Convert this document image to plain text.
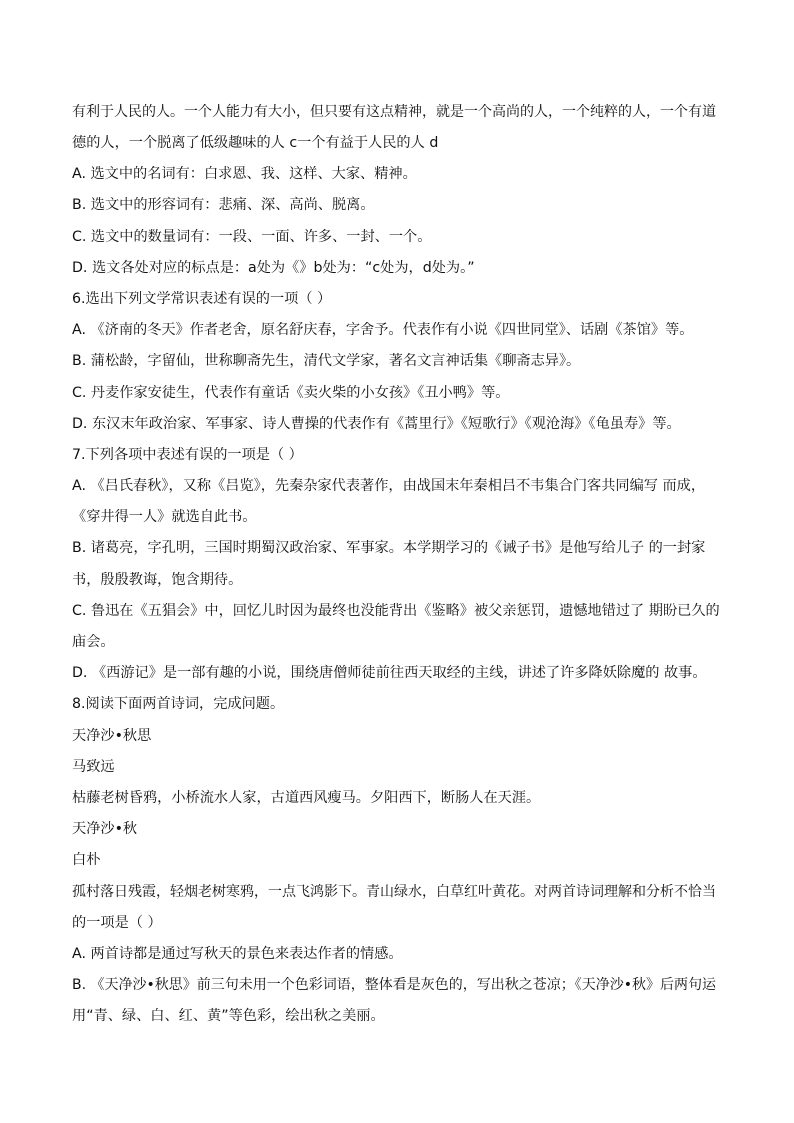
有利于人民的人。一个人能力有大小，但只要有这点精神，就是一个高尚的人，一个纯粹的人，一个有道
德的人，一个脱离了低级趣味的人 c一个有益于人民的人 d
A. 选文中的名词有：白求恩、我、这样、大家、精神。
B. 选文中的形容词有：悲痛、深、高尚、脱离。
C. 选文中的数量词有：一段、一面、许多、一封、一个。
D. 选文各处对应的标点是：a处为《》b处为：“c处为，d处为。”
6.选出下列文学常识表述有误的一项（ ）
A. 《济南的冬天》作者老舍，原名舒庆春，字舍予。代表作有小说《四世同堂》、话剧《茶馆》等。
B. 蒲松龄，字留仙，世称聊斋先生，清代文学家，著名文言神话集《聊斋志异》。
C. 丹麦作家安徒生，代表作有童话《卖火柴的小女孩》《丑小鸭》等。
D. 东汉末年政治家、军事家、诗人曹操的代表作有《蒿里行》《短歌行》《观沧海》《龟虽寿》等。
7.下列各项中表述有误的一项是（ ）
A. 《吕氏春秋》，又称《吕览》，先秦杂家代表著作，由战国末年秦相吕不韦集合门客共同编写 而成，
《穿井得一人》就选自此书。
B. 诸葛亮，字孔明，三国时期蜀汉政治家、军事家。本学期学习的《诫子书》是他写给儿子 的一封家
书，殷殷教诲，饱含期待。
C. 鲁迅在《五猖会》中，回忆儿时因为最终也没能背出《鉴略》被父亲惩罚，遗憾地错过了 期盼已久的
庙会。
D. 《西游记》是一部有趣的小说，围绕唐僧师徒前往西天取经的主线，讲述了许多降妖除魔的 故事。
8.阅读下面两首诗词，完成问题。
天净沙•秋思
马致远
枯藤老树昏鸦，小桥流水人家，古道西风瘦马。夕阳西下，断肠人在天涯。
天净沙•秋
白朴
孤村落日残霞，轻烟老树寒鸦，一点飞鸿影下。青山绿水，白草红叶黄花。对两首诗词理解和分析不恰当
的一项是（ ）
A. 两首诗都是通过写秋天的景色来表达作者的情感。
B. 《天净沙•秋思》前三句未用一个色彩词语，整体看是灰色的，写出秋之苍凉；《天净沙•秋》后两句运
用“青、绿、白、红、黄”等色彩，绘出秋之美丽。
